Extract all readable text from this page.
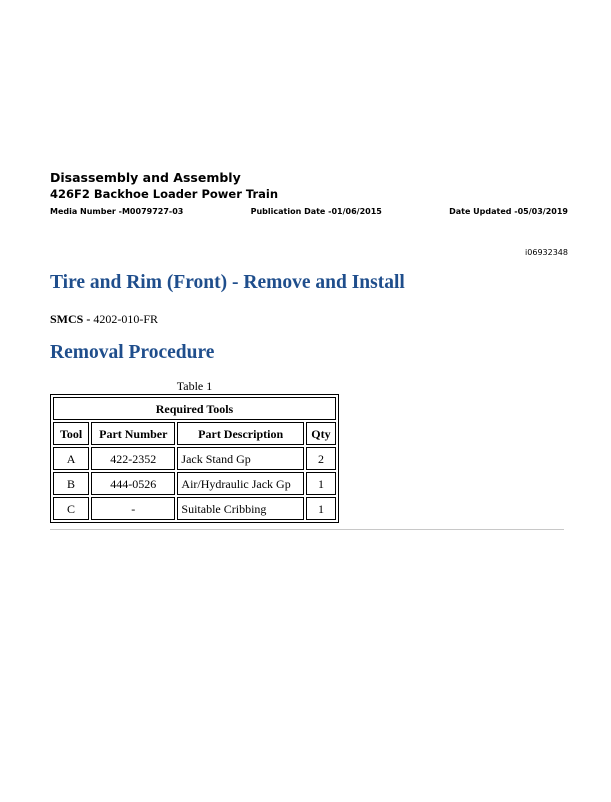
Disassembly and Assembly
426F2 Backhoe Loader Power Train
Media Number -M0079727-03	Publication Date -01/06/2015	Date Updated -05/03/2019
i06932348
Tire and Rim (Front) - Remove and Install
SMCS - 4202-010-FR
Removal Procedure
Table 1
Required Tools			
Tool	Part Number	Part Description	Qty
A	422-2352	Jack Stand Gp	2
B	444-0526	Air/Hydraulic Jack Gp	1
C	-	Suitable Cribbing	1
